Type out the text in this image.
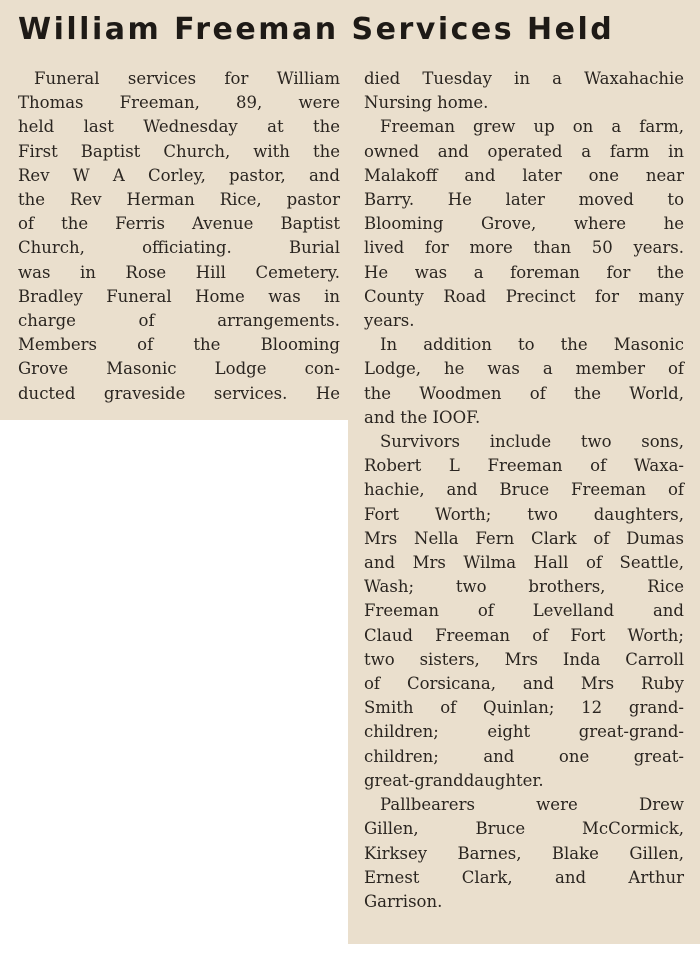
William Freeman Services Held
Funeral services for William
Thomas Freeman, 89, were
held last Wednesday at the
First Baptist Church, with the
Rev W A Corley, pastor, and
the Rev Herman Rice, pastor
of the Ferris Avenue Baptist
Church, officiating. Burial
was in Rose Hill Cemetery.
Bradley Funeral Home was in
charge of arrangements.
Members of the Blooming
Grove Masonic Lodge con-
ducted graveside services. He
died Tuesday in a Waxahachie
Nursing home.
Freeman grew up on a farm,
owned and operated a farm in
Malakoff and later one near
Barry. He later moved to
Blooming Grove, where he
lived for more than 50 years.
He was a foreman for the
County Road Precinct for many
years.
In addition to the Masonic
Lodge, he was a member of
the Woodmen of the World,
and the IOOF.
Survivors include two sons,
Robert L Freeman of Waxa-
hachie, and Bruce Freeman of
Fort Worth; two daughters,
Mrs Nella Fern Clark of Dumas
and Mrs Wilma Hall of Seattle,
Wash; two brothers, Rice
Freeman of Levelland and
Claud Freeman of Fort Worth;
two sisters, Mrs Inda Carroll
of Corsicana, and Mrs Ruby
Smith of Quinlan; 12 grand-
children; eight great-grand-
children; and one great-
great-granddaughter.
Pallbearers were Drew
Gillen, Bruce McCormick,
Kirksey Barnes, Blake Gillen,
Ernest Clark, and Arthur
Garrison.
